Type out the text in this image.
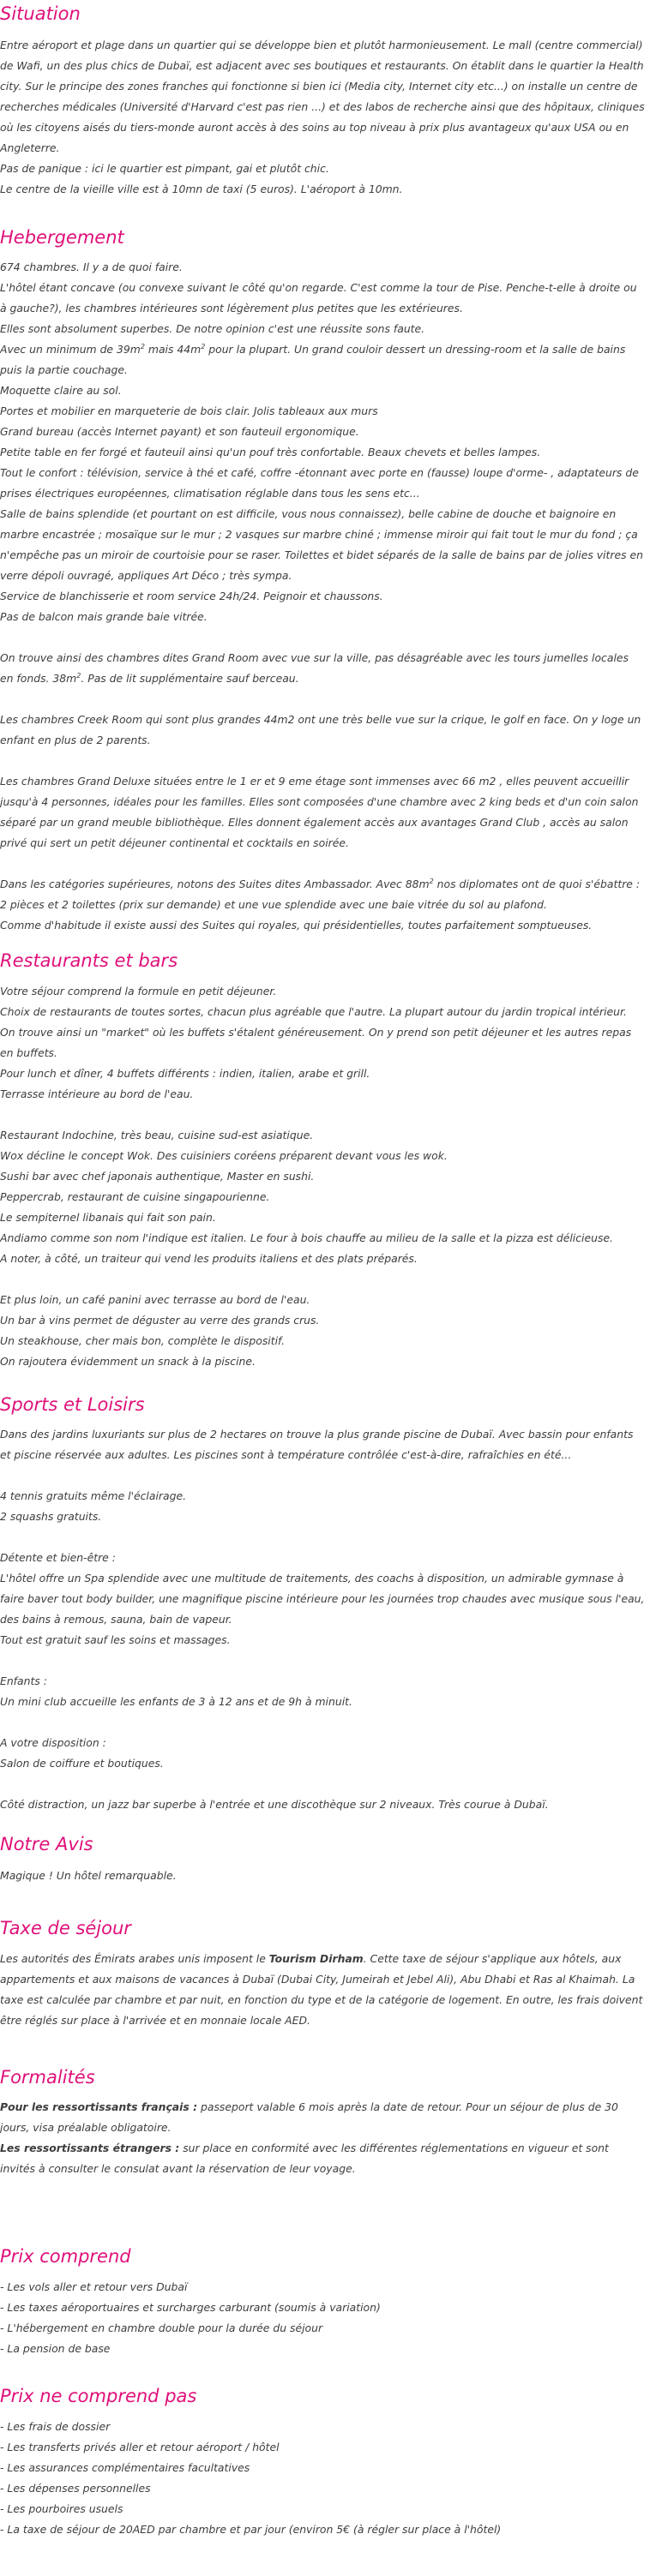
Situation

Entre aéroport et plage dans un quartier qui se développe bien et plutôt harmonieusement. Le mall (centre commercial) de Wafi, un des plus chics de Dubaï, est adjacent avec ses boutiques et restaurants. On établit dans le quartier la Health city. Sur le principe des zones franches qui fonctionne si bien ici (Media city, Internet city etc...) on installe un centre de recherches médicales (Université d'Harvard c'est pas rien ...) et des labos de recherche ainsi que des hôpitaux, cliniques où les citoyens aisés du tiers-monde auront accès à des soins au top niveau à prix plus avantageux qu'aux USA ou en Angleterre.

Pas de panique : ici le quartier est pimpant, gai et plutôt chic.

Le centre de la vieille ville est à 10mn de taxi (5 euros). L'aéroport à 10mn.

Hebergement

674 chambres. Il y a de quoi faire.

L'hôtel étant concave (ou convexe suivant le côté qu'on regarde. C'est comme la tour de Pise. Penche-t-elle à droite ou à gauche?), les chambres intérieures sont légèrement plus petites que les extérieures.

Elles sont absolument superbes. De notre opinion c'est une réussite sons faute.

Avec un minimum de $39m^2$ mais $44m^2$ pour la plupart. Un grand couloir dessert un dressing-room et la salle de bains puis la partie couchage.

Moquette claire au sol.

Portes et mobilier en marqueterie de bois clair. Jolis tableaux aux murs

Grand bureau (accès Internet payant) et son fauteuil ergonomique.

Petite table en fer forgé et fauteuil ainsi qu'un pouf très confortable. Beaux chevets et belles lampes.

Tout le confort : télévision, service à thé et café, coffre -étonnant avec porte en (fausse) loupe d'orme- , adaptateurs de prises électriques européennes, climatisation réglable dans tous les sens etc...

Salle de bains splendide (et pourtant on est difficile, vous nous connaissez), belle cabine de douche et baignoire en marbre encastrée ; mosaïque sur le mur ; 2 vasques sur marbre chiné ; immense miroir qui fait tout le mur du fond ; ça n'empêche pas un miroir de courtoisie pour se raser. Toilettes et bidet séparés de la salle de bains par de jolies vitres en verre dépoli ouvragé, appliques Art Déco ; très sympa.

Service de blanchisserie et room service 24h/24. Peignoir et chaussons.

Pas de balcon mais grande baie vitrée.

On trouve ainsi des chambres dites Grand Room avec vue sur la ville, pas désagréable avec les tours jumelles locales en fonds. $38m^2$. Pas de lit supplémentaire sauf berceau.

Les chambres Creek Room qui sont plus grandes 44m2 ont une très belle vue sur la crique, le golf en face. On y loge un enfant en plus de 2 parents.

Les chambres Grand Deluxe situées entre le 1 er et 9 eme étage sont immenses avec 66 m2 , elles peuvent accueillir jusqu'à 4 personnes, idéales pour les familles. Elles sont composées d'une chambre avec 2 king beds et d'un coin salon séparé par un grand meuble bibliothèque. Elles donnent également accès aux avantages Grand Club , accès au salon privé qui sert un petit déjeuner continental et cocktails en soirée.

Dans les catégories supérieures, notons des Suites dites Ambassador. Avec $88m^2$ nos diplomates ont de quoi s'ébattre : 2 pièces et 2 toilettes (prix sur demande) et une vue splendide avec une baie vitrée du sol au plafond.

Comme d'habitude il existe aussi des Suites qui royales, qui présidentielles, toutes parfaitement somptueuses.

Restaurants et bars

Votre séjour comprend la formule en petit déjeuner.

Choix de restaurants de toutes sortes, chacun plus agréable que l'autre. La plupart autour du jardin tropical intérieur.

On trouve ainsi un "market" où les buffets s'étalent généreusement. On y prend son petit déjeuner et les autres repas en buffets.

Pour lunch et dîner, 4 buffets différents : indien, italien, arabe et grill.

Terrasse intérieure au bord de l'eau.

Restaurant Indochine, très beau, cuisine sud-est asiatique.

Wox décline le concept Wok. Des cuisiniers coréens préparent devant vous les wok.

Sushi bar avec chef japonais authentique, Master en sushi.

Peppercrab, restaurant de cuisine singapourienne.

Le sempiternel libanais qui fait son pain.

Andiamo comme son nom l'indique est italien. Le four à bois chauffe au milieu de la salle et la pizza est délicieuse.

A noter, à côté, un traiteur qui vend les produits italiens et des plats préparés.

Et plus loin, un café panini avec terrasse au bord de l'eau.

Un bar à vins permet de déguster au verre des grands crus.

Un steakhouse, cher mais bon, complète le dispositif.

On rajoutera évidemment un snack à la piscine.

Sports et Loisirs

Dans des jardins luxuriants sur plus de 2 hectares on trouve la plus grande piscine de Dubaï. Avec bassin pour enfants et piscine réservée aux adultes. Les piscines sont à température contrôlée c'est-à-dire, rafraîchies en été...

4 tennis gratuits même l'éclairage.

2 squashs gratuits.

Détente et bien-être :

L'hôtel offre un Spa splendide avec une multitude de traitements, des coachs à disposition, un admirable gymnase à faire baver tout body builder, une magnifique piscine intérieure pour les journées trop chaudes avec musique sous l'eau, des bains à remous, sauna, bain de vapeur.

Tout est gratuit sauf les soins et massages.

Enfants :

Un mini club accueille les enfants de 3 à 12 ans et de 9h à minuit.

A votre disposition :

Salon de coiffure et boutiques.

Côté distraction, un jazz bar superbe à l'entrée et une discothèque sur 2 niveaux. Très courue à Dubaï.

Notre Avis

Magique ! Un hôtel remarquable.

Taxe de séjour

Les autorités des Émirats arabes unis imposent le Tourism Dirham. Cette taxe de séjour s'applique aux hôtels, aux appartements et aux maisons de vacances à Dubaï (Dubai City, Jumeirah et Jebel Ali), Abu Dhabi et Ras al Khaimah. La taxe est calculée par chambre et par nuit, en fonction du type et de la catégorie de logement. En outre, les frais doivent être réglés sur place à l'arrivée et en monnaie locale AED.

Formalités

Pour les ressortissants français : passeport valable 6 mois après la date de retour. Pour un séjour de plus de 30 jours, visa préalable obligatoire.

Les ressortissants étrangers : sur place en conformité avec les différentes réglementations en vigueur et sont invités à consulter le consulat avant la réservation de leur voyage.

Prix comprend

- Les vols aller et retour vers Dubaï

- Les taxes aéroportuaires et surcharges carburant (soumis à variation)

- L'hébergement en chambre double pour la durée du séjour

- La pension de base

Prix ne comprend pas

- Les frais de dossier

- Les transferts privés aller et retour aéroport / hôtel

- Les assurances complémentaires facultatives

- Les dépenses personnelles

- Les pourboires usuels

- La taxe de séjour de 20AED par chambre et par jour (environ 5€ (à régler sur place à l'hôtel)
